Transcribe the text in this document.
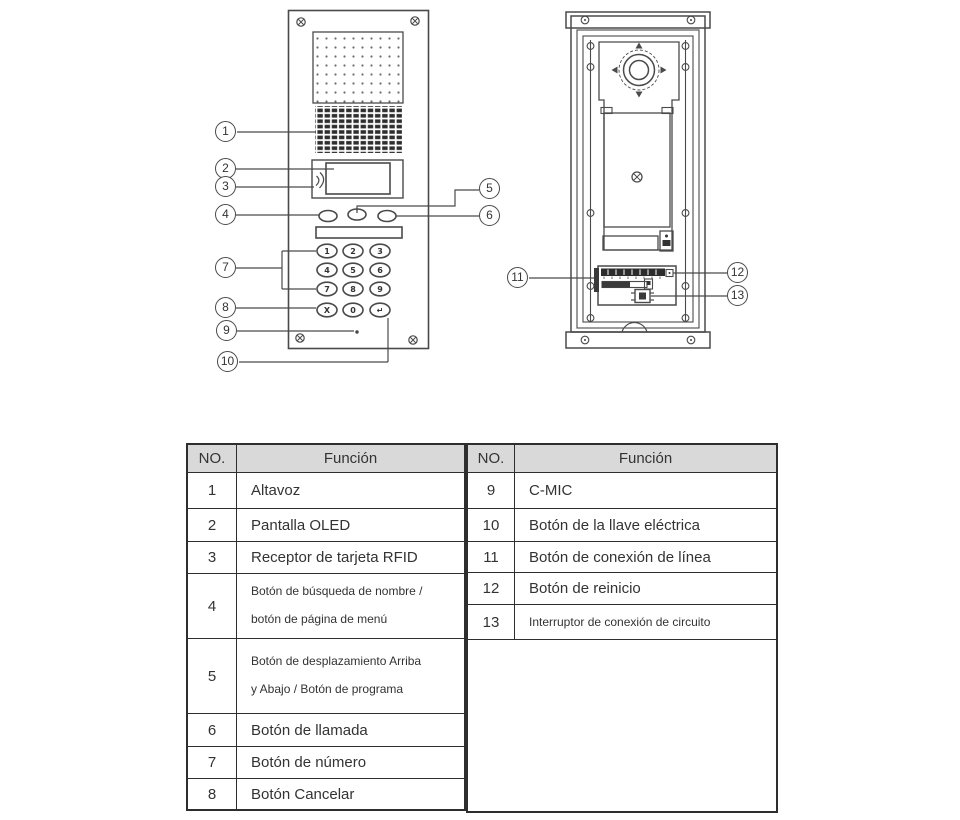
1	2	3
4	5	6
7	8	9
X	0	↵
1
2
3
4
5
6
7
8
9
10
11	12
13
NO.	Función
1	Altavoz
2	Pantalla OLED
3	Receptor de tarjeta RFID
4	Botón de búsqueda de nombre /
botón de página de menú

5	Botón de desplazamiento Arriba
y Abajo / Botón de programa

6	Botón de llamada
7	Botón de número
8	Botón Cancelar
NO.	Función
9	C-MIC
10	Botón de la llave eléctrica
11	Botón de conexión de línea
12	Botón de reinicio
13	Interruptor de conexión de circuito
